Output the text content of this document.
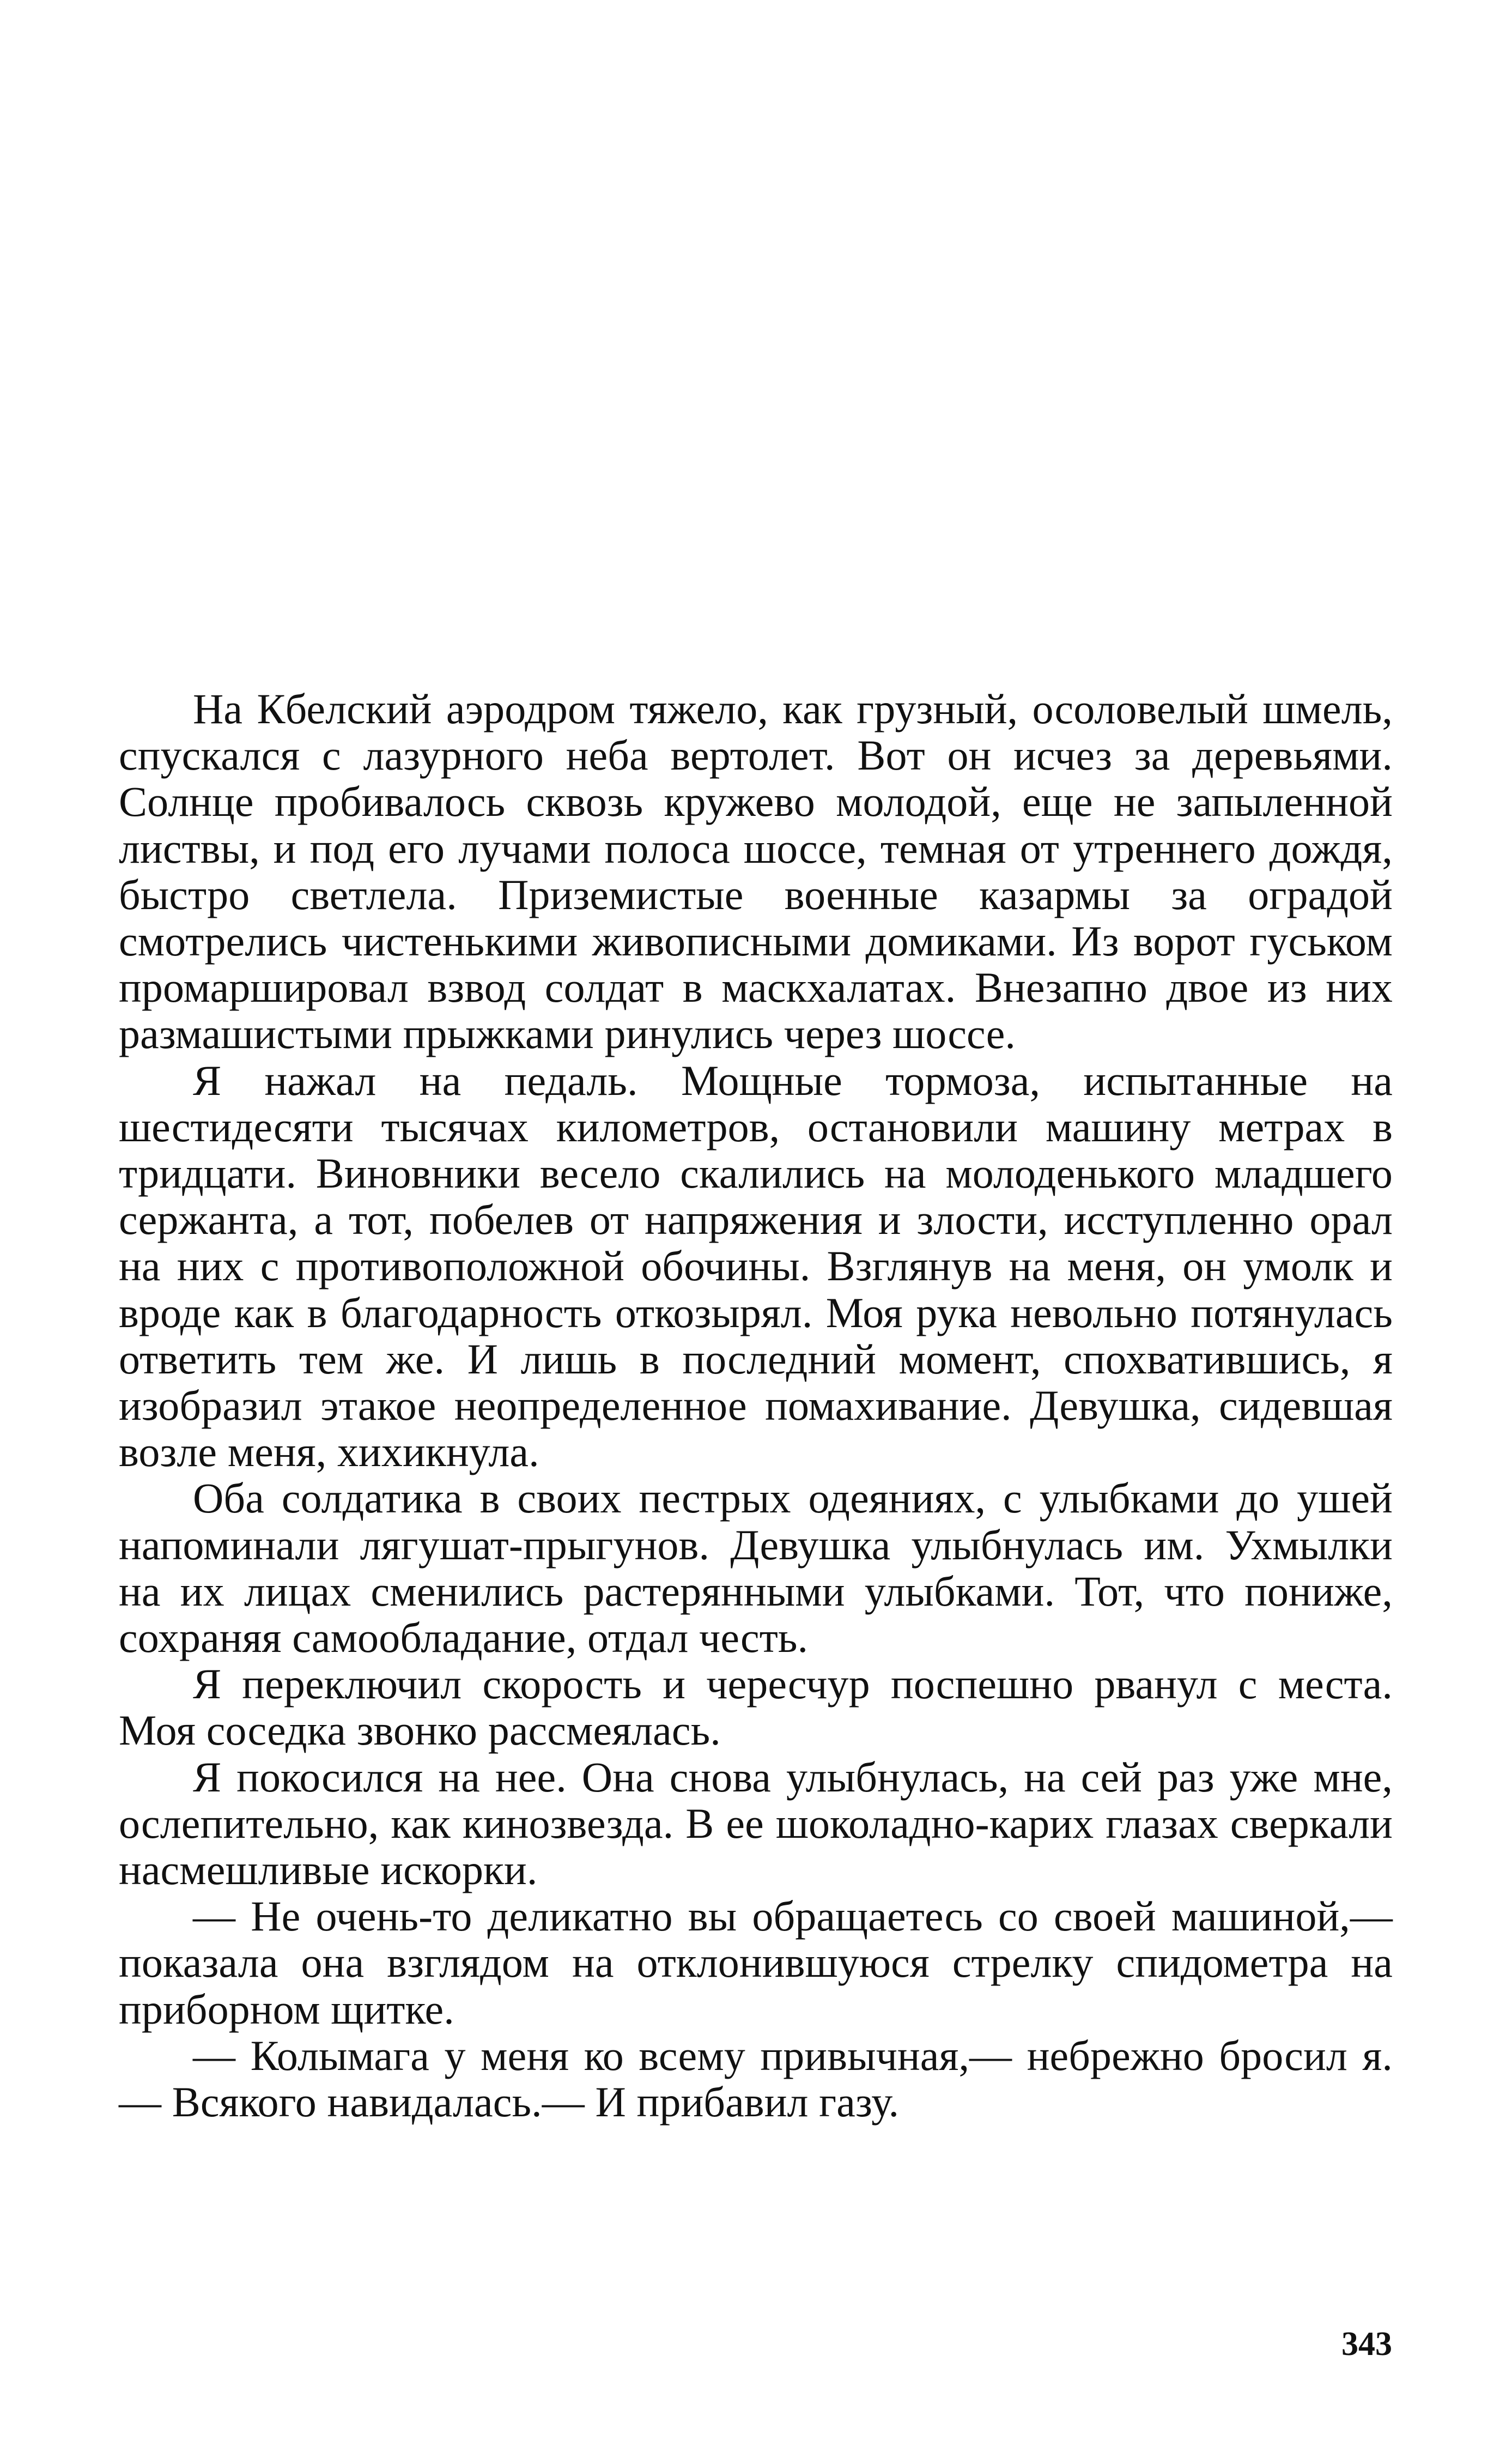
На Кбелский аэродром тяжело, как грузный, осоловелый шмель, спускался с лазурного неба вертолет. Вот он исчез за деревьями. Солнце пробивалось сквозь кружево молодой, еще не запыленной листвы, и под его лучами полоса шоссе, темная от утреннего дождя, быстро светлела. Приземистые военные казармы за оградой смотрелись чистенькими живописными домиками. Из ворот гуськом промаршировал взвод солдат в маскхалатах. Внезапно двое из них размашистыми прыжками ринулись через шоссе.

Я нажал на педаль. Мощные тормоза, испытанные на шестидесяти тысячах километров, остановили машину метрах в тридцати. Виновники весело скалились на молоденького младшего сержанта, а тот, побелев от напряжения и злости, исступленно орал на них с противоположной обочины. Взглянув на меня, он умолк и вроде как в благодарность откозырял. Моя рука невольно потянулась ответить тем же. И лишь в последний момент, спохватившись, я изобразил этакое неопределенное помахивание. Девушка, сидевшая возле меня, хихикнула.

Оба солдатика в своих пестрых одеяниях, с улыбками до ушей напоминали лягушат-прыгунов. Девушка улыбнулась им. Ухмылки на их лицах сменились растерянными улыбками. Тот, что пониже, сохраняя самообладание, отдал честь.

Я переключил скорость и чересчур поспешно рванул с места. Моя соседка звонко рассмеялась.

Я покосился на нее. Она снова улыбнулась, на сей раз уже мне, ослепительно, как кинозвезда. В ее шоколадно-карих глазах сверкали насмешливые искорки.

— Не очень-то деликатно вы обращаетесь со своей машиной,— показала она взглядом на отклонившуюся стрелку спидометра на приборном щитке.

— Колымага у меня ко всему привычная,— небрежно бросил я.— Всякого навидалась.— И прибавил газу.

343
